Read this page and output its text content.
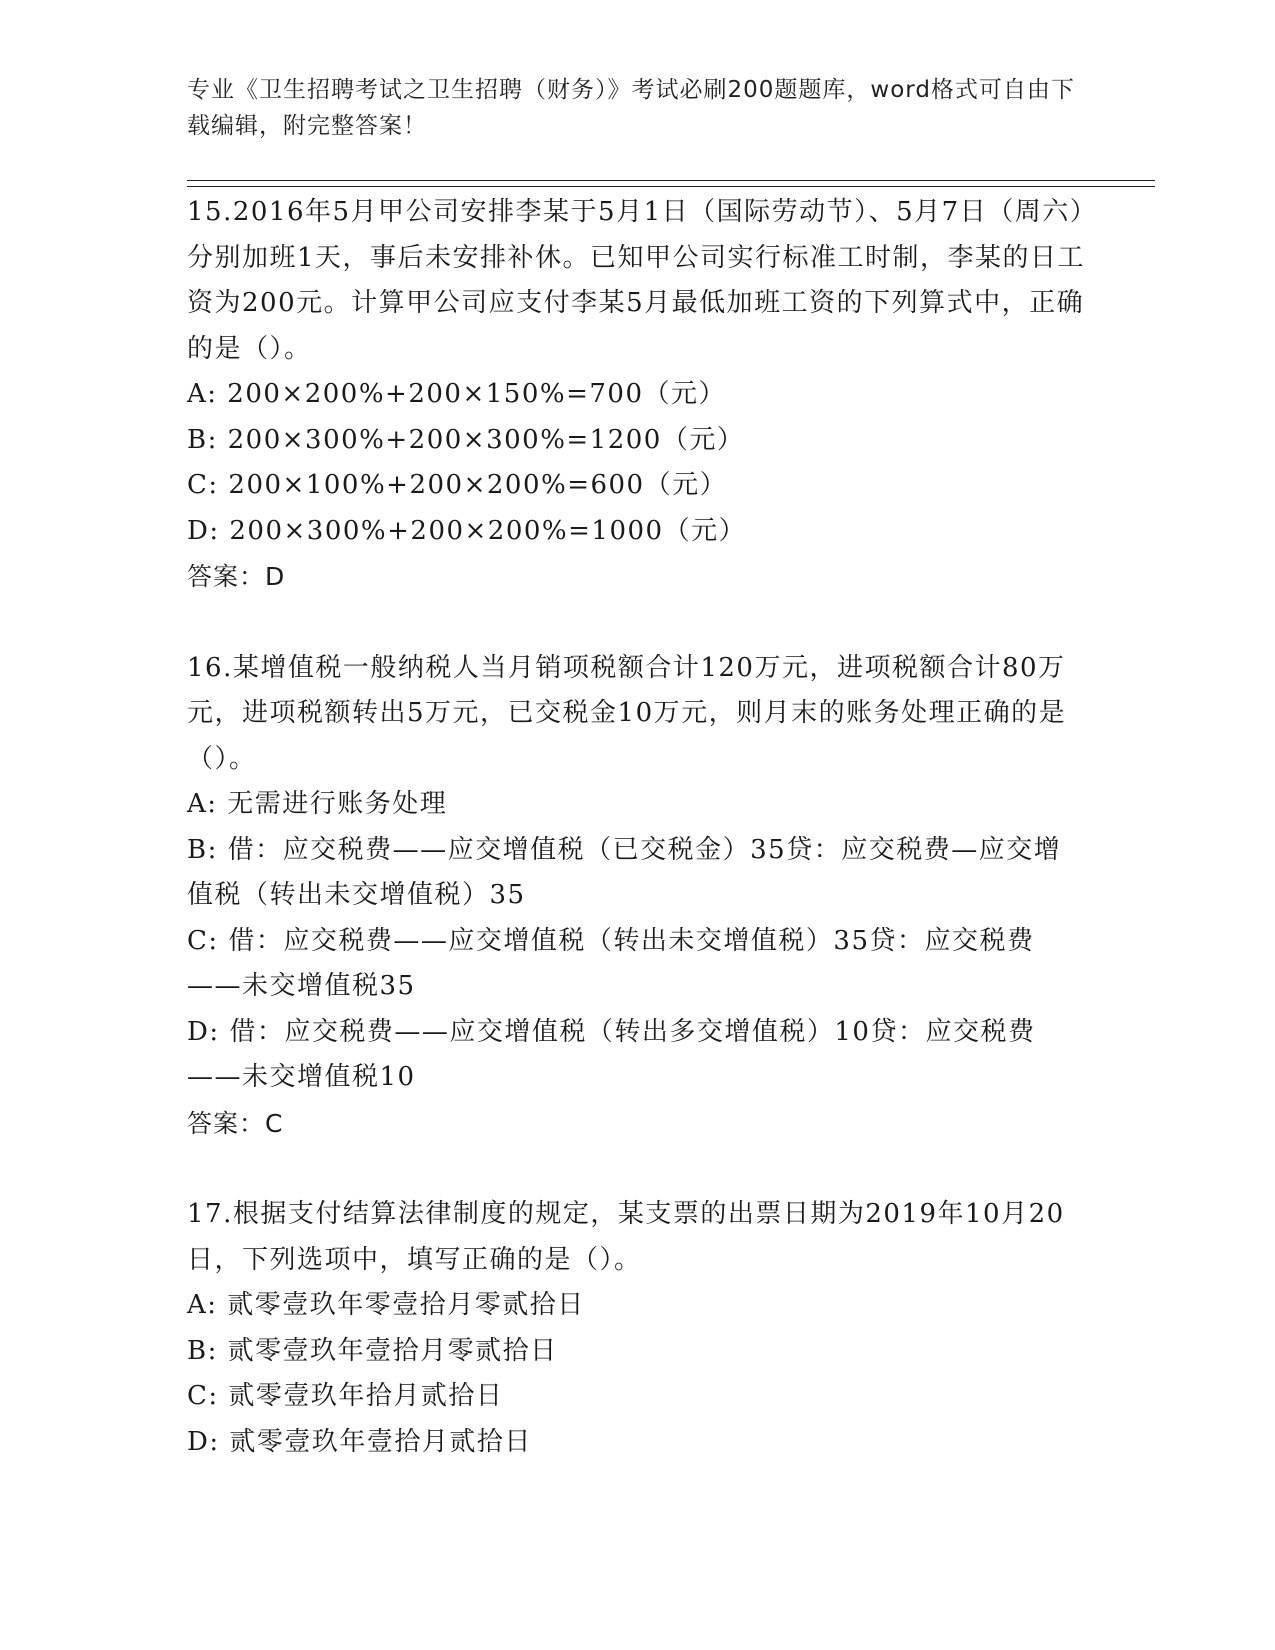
专业《卫生招聘考试之卫生招聘（财务）》考试必刷200题题库，word格式可自由下载编辑，附完整答案！

15.2016年5月甲公司安排李某于5月1日（国际劳动节）、5月7日（周六）分别加班1天，事后未安排补休。已知甲公司实行标准工时制，李某的日工资为200元。计算甲公司应支付李某5月最低加班工资的下列算式中，正确的是（）。

A: 200×200%+200×150%=700（元）

B: 200×300%+200×300%=1200（元）

C: 200×100%+200×200%=600（元）

D: 200×300%+200×200%=1000（元）

答案：D

16.某增值税一般纳税人当月销项税额合计120万元，进项税额合计80万元，进项税额转出5万元，已交税金10万元，则月末的账务处理正确的是（）。

A: 无需进行账务处理

B: 借：应交税费——应交增值税（已交税金）35贷：应交税费—应交增值税（转出未交增值税）35

C: 借：应交税费——应交增值税（转出未交增值税）35贷：应交税费——未交增值税35

D: 借：应交税费——应交增值税（转出多交增值税）10贷：应交税费——未交增值税10

答案：C

17.根据支付结算法律制度的规定，某支票的出票日期为2019年10月20日，下列选项中，填写正确的是（）。

A: 贰零壹玖年零壹拾月零贰拾日

B: 贰零壹玖年壹拾月零贰拾日

C: 贰零壹玖年拾月贰拾日

D: 贰零壹玖年壹拾月贰拾日
